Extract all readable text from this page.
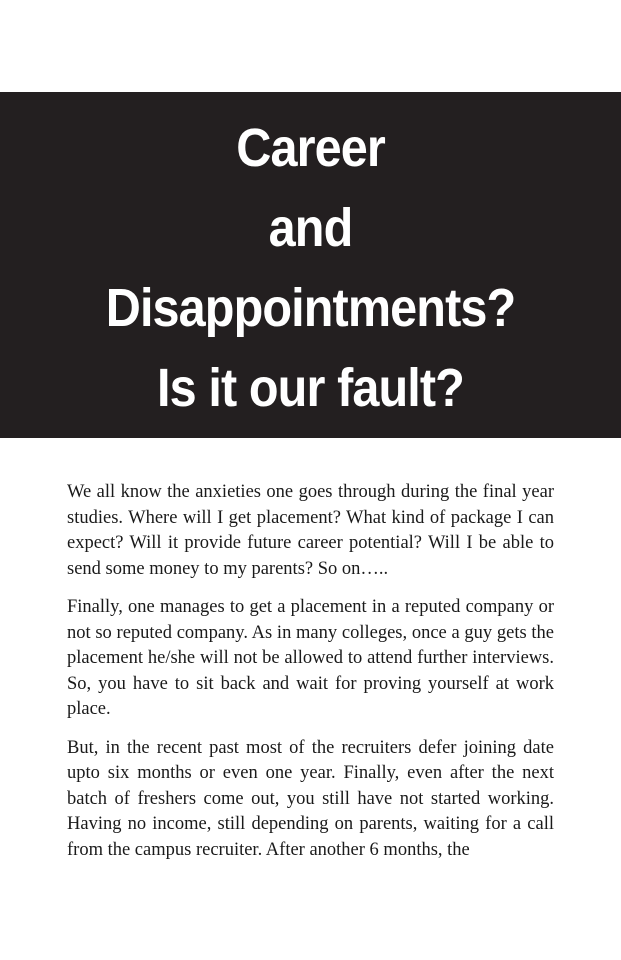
Career
and
Disappointments?
Is it our fault?

We all know the anxieties one goes through during the final year studies. Where will I get placement? What kind of package I can expect? Will it provide future career potential? Will I be able to send some money to my parents? So on…..

Finally, one manages to get a placement in a reputed company or not so reputed company. As in many colleges, once a guy gets the placement he/she will not be allowed to attend further interviews. So, you have to sit back and wait for proving yourself at work place.

But, in the recent past most of the recruiters defer joining date upto six months or even one year. Finally, even after the next batch of freshers come out, you still have not started working. Having no income, still depending on parents, waiting for a call from the campus recruiter. After another 6 months, the
